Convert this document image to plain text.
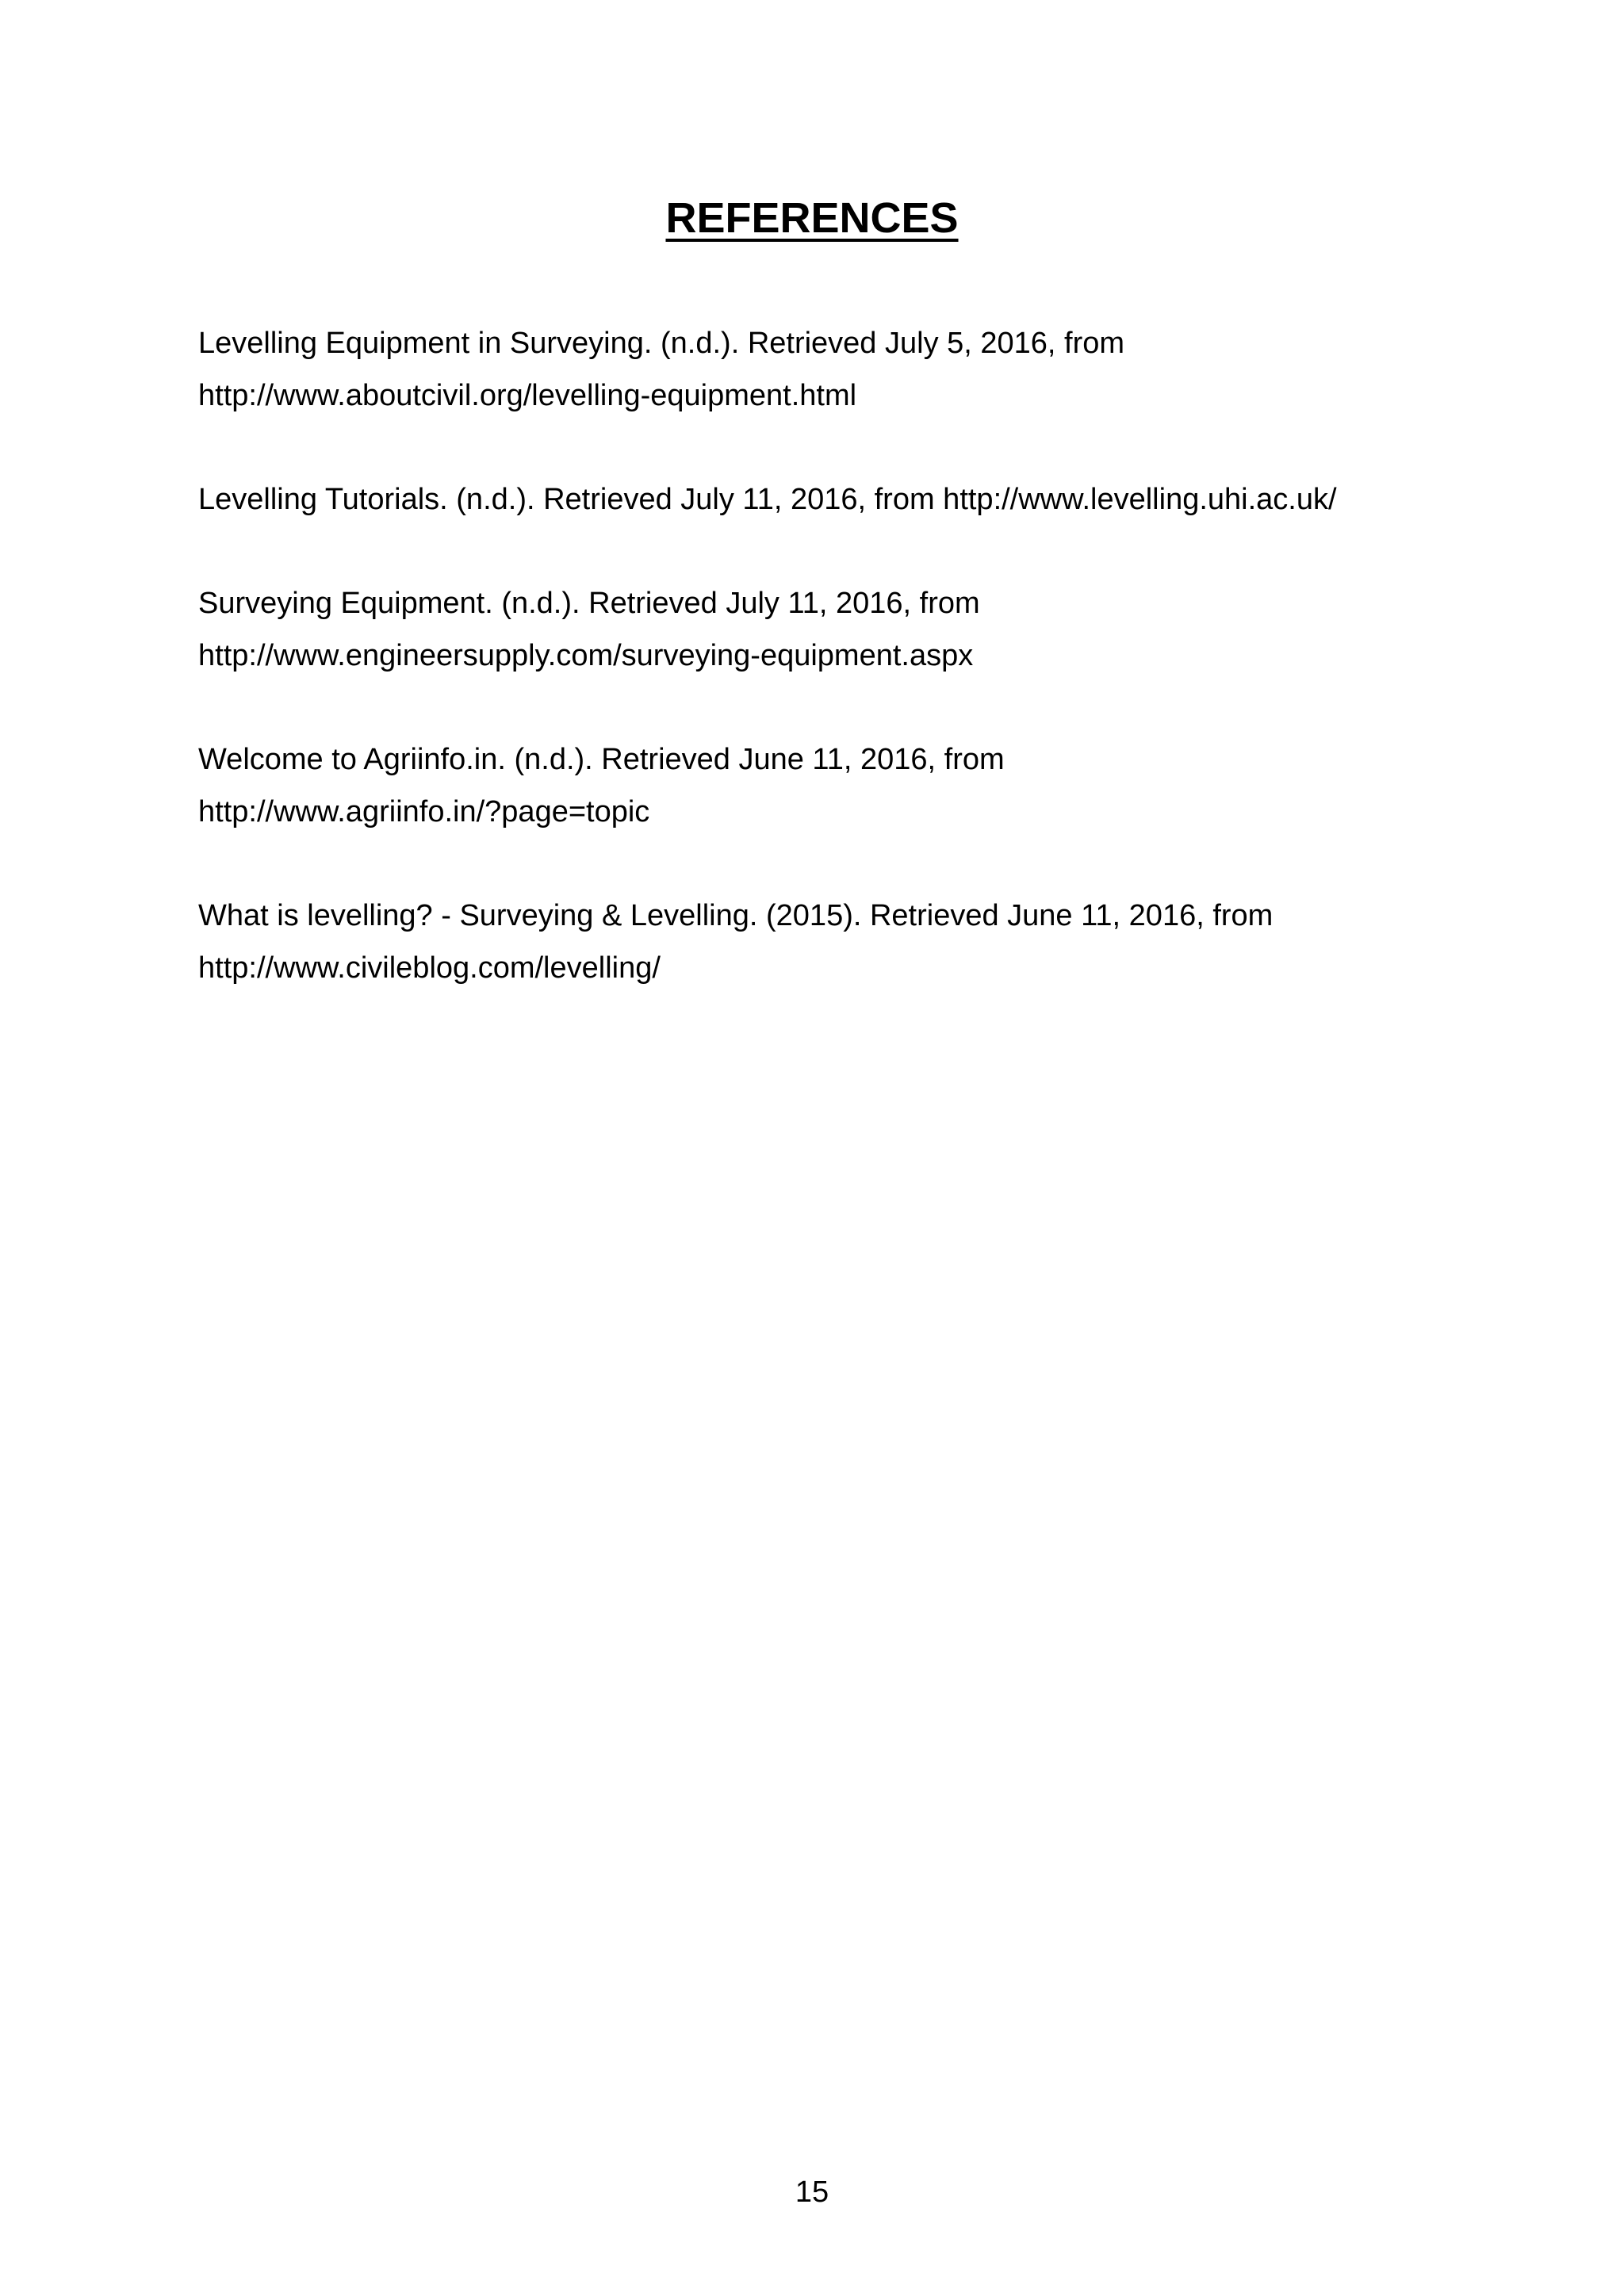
REFERENCES

Levelling Equipment in Surveying. (n.d.). Retrieved July 5, 2016, from
http://www.aboutcivil.org/levelling-equipment.html

Levelling Tutorials. (n.d.). Retrieved July 11, 2016, from http://www.levelling.uhi.ac.uk/

Surveying Equipment. (n.d.). Retrieved July 11, 2016, from
http://www.engineersupply.com/surveying-equipment.aspx

Welcome to Agriinfo.in. (n.d.). Retrieved June 11, 2016, from
http://www.agriinfo.in/?page=topic

What is levelling? - Surveying & Levelling. (2015). Retrieved June 11, 2016, from
http://www.civileblog.com/levelling/

15
